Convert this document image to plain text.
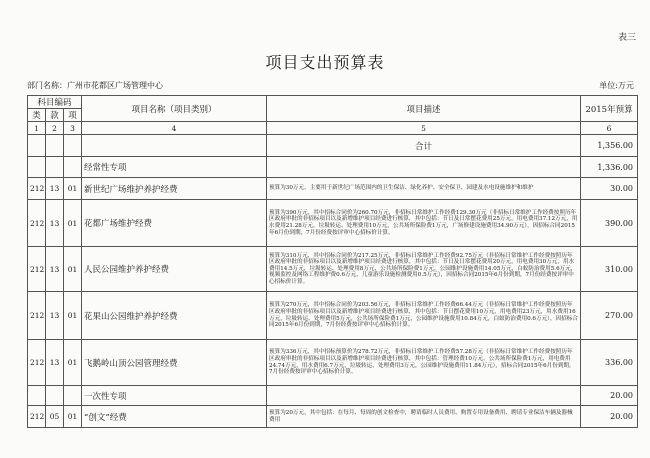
表三
项目支出预算表
部门名称：广州市花都区广场管理中心	单位:万元
科目编码			项目名称（项目类别）	项目描述	2015年预算
类	款	项			
1	2	3	4	5	6
				合计	1,356.00
			经常性专项		1,336.00
212	13	01	新世纪广场维护养护经费	预算为30万元，主要用于新世纪广场范围内的卫生保洁、绿化养护、安全保卫、园建及水电设施维护和维护	30.00
212	13	01	花都广场维护经费	预算为390万元，其中招标合同价为260.70万元，非招标日常维护工作经费129.30万元（非招标日常维护工作经费按照历年区政府审批的非招标项目以及新增维护项目经费进行核算，其中包括：节日及日常摆花费用25万元，用电费用37.12万元，用水费用21.28万元，垃圾转运、处理费用10万元，公共场所保险费1万元，广场修建设施费用34.90万元），因招标合同2015年6月份到期，7月份经费按评审中心招标价计算。	390.00
212	13	01	人民公园维护养护经费	预算为310万元，其中招标合同价为217.25万元，非招标日常维护工作经费92.75万元（非招标日常维护工作经费按照历年区政府审批的非招标项目以及新增维护项目经费进行核算，其中包括：节日及日常摆花费用20万元，用电费用30万元，用水费用14.5万元，垃圾转运、处理费用8万元，公共场所保险费1万元，公园维护设施费用14.05万元，白蚁防治费用5.6万元，视频监控及网络工程维护费0.6万元，儿童游乐设施检测费用0.5万元），因招标合同2015年6月份到期，7月份经费按评审中心招标价计算。	310.00
212	13	01	花果山公园维护养护经费	预算为270万元，其中招标合同价为203.56万元，非招标日常维护工作经费66.44万元（非招标日常维护工作经费按照历年区政府审批的非招标项目以及新增维护项目经费进行核算，其中包括：节日摆花费用10万元，用电费用23万元，用水费用16万元，垃圾转运、处理费用5万元，公共场所保险费1万元，公园维护设施费用10.84万元，白蚁防治费用0.6万元），因招标合同2015年6月份到期，7月份经费按评审中心招标价计算。	270.00
212	13	01	飞鹅岭山顶公园管理经费	预算为336万元，其中招标预算价为278.72万元，非招标日常维护工作经费57.28万元（非招标日常维护工作经费按照历年区政府审批的非招标项目以及新增维护项目经费进行核算，其中包括：管理经费10万元，公共场所保险费1万元，用电费用24.74万元，用水费用6.7万元，垃圾转运、处理费用3万元，公园维护设施费用11.84万元），招标合同2015年6月份到期，7月份经费按评审中心招标价计算。	336.00
			一次性专项		20.00
212	05	01	“创文”经费	预算为20万元，其中包括：在每月、每周的创文检查中，聘请临时人员费用、购置专用设备费用、聘请专业保洁车辆及器械费用	20.00
